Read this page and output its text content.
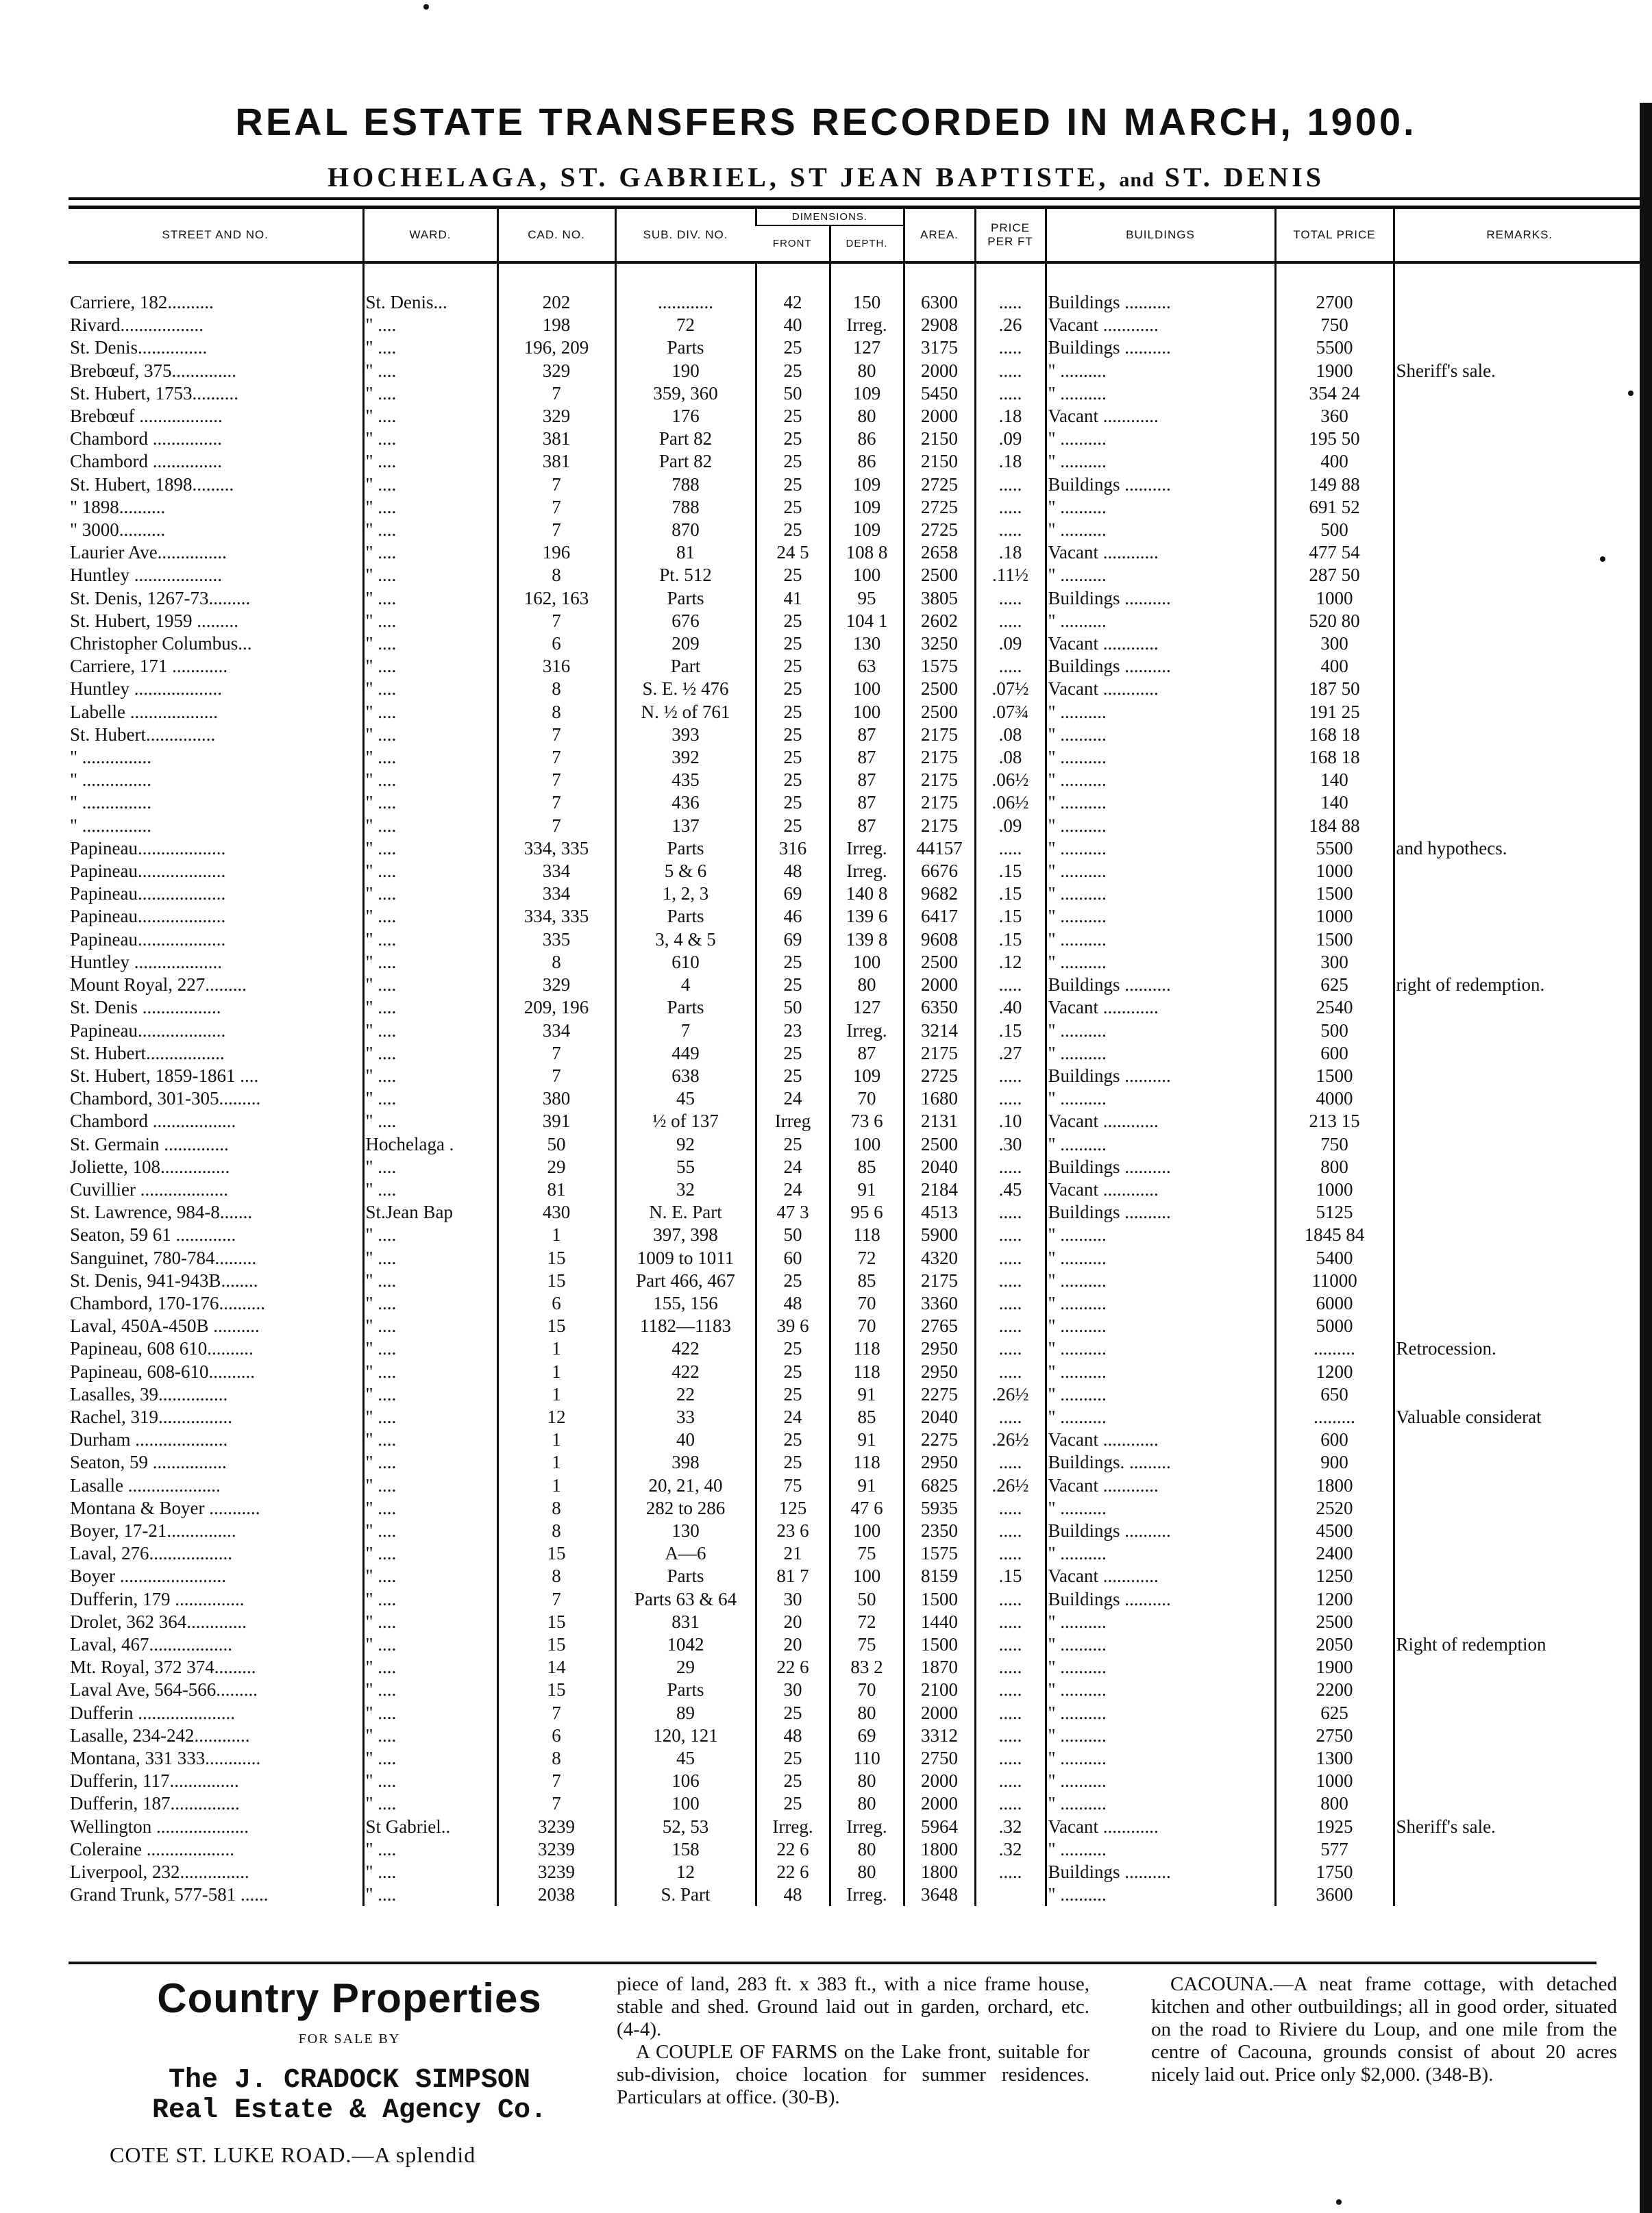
REAL ESTATE TRANSFERS RECORDED IN MARCH, 1900.
HOCHELAGA, ST. GABRIEL, ST JEAN BAPTISTE, and ST. DENIS
STREET AND NO.	WARD.	CAD. NO.	SUB. DIV. NO.	DIMENSIONS.		AREA.	PRICE PER FT	BUILDINGS	TOTAL PRICE	REMARKS.
				FRONT	DEPTH.					

Carriere, 182..........	St. Denis...	202	............	42	150	6300	.....	Buildings ..........	2700	
Rivard..................	" ....	198	72	40	Irreg.	2908	.26	Vacant ............	750	
St. Denis...............	" ....	196, 209	Parts	25	127	3175	.....	Buildings ..........	5500	
Brebœuf, 375..............	" ....	329	190	25	80	2000	.....	" ..........	1900	Sheriff's sale.
St. Hubert, 1753..........	" ....	7	359, 360	50	109	5450	.....	" ..........	354 24	
Brebœuf ..................	" ....	329	176	25	80	2000	.18	Vacant ............	360	
Chambord ...............	" ....	381	Part 82	25	86	2150	.09	" ..........	195 50	
Chambord ...............	" ....	381	Part 82	25	86	2150	.18	" ..........	400	
St. Hubert, 1898.........	" ....	7	788	25	109	2725	.....	Buildings ..........	149 88	
" 1898..........	" ....	7	788	25	109	2725	.....	" ..........	691 52	
" 3000..........	" ....	7	870	25	109	2725	.....	" ..........	500	
Laurier Ave...............	" ....	196	81	24 5	108 8	2658	.18	Vacant ............	477 54	
Huntley ...................	" ....	8	Pt. 512	25	100	2500	.11½	" ..........	287 50	
St. Denis, 1267-73.........	" ....	162, 163	Parts	41	95	3805	.....	Buildings ..........	1000	
St. Hubert, 1959 .........	" ....	7	676	25	104 1	2602	.....	" ..........	520 80	
Christopher Columbus...	" ....	6	209	25	130	3250	.09	Vacant ............	300	
Carriere, 171 ............	" ....	316	Part	25	63	1575	.....	Buildings ..........	400	
Huntley ...................	" ....	8	S. E. ½ 476	25	100	2500	.07½	Vacant ............	187 50	
Labelle ...................	" ....	8	N. ½ of 761	25	100	2500	.07¾	" ..........	191 25	
St. Hubert...............	" ....	7	393	25	87	2175	.08	" ..........	168 18	
" ...............	" ....	7	392	25	87	2175	.08	" ..........	168 18	
" ...............	" ....	7	435	25	87	2175	.06½	" ..........	140	
" ...............	" ....	7	436	25	87	2175	.06½	" ..........	140	
" ...............	" ....	7	137	25	87	2175	.09	" ..........	184 88	
Papineau...................	" ....	334, 335	Parts	316	Irreg.	44157	.....	" ..........	5500	and hypothecs.
Papineau...................	" ....	334	5 & 6	48	Irreg.	6676	.15	" ..........	1000	
Papineau...................	" ....	334	1, 2, 3	69	140 8	9682	.15	" ..........	1500	
Papineau...................	" ....	334, 335	Parts	46	139 6	6417	.15	" ..........	1000	
Papineau...................	" ....	335	3, 4 & 5	69	139 8	9608	.15	" ..........	1500	
Huntley ...................	" ....	8	610	25	100	2500	.12	" ..........	300	
Mount Royal, 227.........	" ....	329	4	25	80	2000	.....	Buildings ..........	625	right of redemption.
St. Denis .................	" ....	209, 196	Parts	50	127	6350	.40	Vacant ............	2540	
Papineau...................	" ....	334	7	23	Irreg.	3214	.15	" ..........	500	
St. Hubert.................	" ....	7	449	25	87	2175	.27	" ..........	600	
St. Hubert, 1859-1861 ....	" ....	7	638	25	109	2725	.....	Buildings ..........	1500	
Chambord, 301-305.........	" ....	380	45	24	70	1680	.....	" ..........	4000	
Chambord ..................	" ....	391	½ of 137	Irreg	73 6	2131	.10	Vacant ............	213 15	
St. Germain ..............	Hochelaga .	50	92	25	100	2500	.30	" ..........	750	
Joliette, 108...............	" ....	29	55	24	85	2040	.....	Buildings ..........	800	
Cuvillier ...................	" ....	81	32	24	91	2184	.45	Vacant ............	1000	
St. Lawrence, 984-8.......	St.Jean Bap	430	N. E. Part	47 3	95 6	4513	.....	Buildings ..........	5125	
Seaton, 59 61 .............	" ....	1	397, 398	50	118	5900	.....	" ..........	1845 84	
Sanguinet, 780-784.........	" ....	15	1009 to 1011	60	72	4320	.....	" ..........	5400	
St. Denis, 941-943B........	" ....	15	Part 466, 467	25	85	2175	.....	" ..........	11000	
Chambord, 170-176..........	" ....	6	155, 156	48	70	3360	.....	" ..........	6000	
Laval, 450A-450B ..........	" ....	15	1182—1183	39 6	70	2765	.....	" ..........	5000	
Papineau, 608 610..........	" ....	1	422	25	118	2950	.....	" ..........	.........	Retrocession.
Papineau, 608-610..........	" ....	1	422	25	118	2950	.....	" ..........	1200	
Lasalles, 39...............	" ....	1	22	25	91	2275	.26½	" ..........	650	
Rachel, 319................	" ....	12	33	24	85	2040	.....	" ..........	.........	Valuable considerat
Durham ....................	" ....	1	40	25	91	2275	.26½	Vacant ............	600	
Seaton, 59 ................	" ....	1	398	25	118	2950	.....	Buildings. .........	900	
Lasalle ....................	" ....	1	20, 21, 40	75	91	6825	.26½	Vacant ............	1800	
Montana & Boyer ...........	" ....	8	282 to 286	125	47 6	5935	.....	" ..........	2520	
Boyer, 17-21...............	" ....	8	130	23 6	100	2350	.....	Buildings ..........	4500	
Laval, 276..................	" ....	15	A—6	21	75	1575	.....	" ..........	2400	
Boyer .......................	" ....	8	Parts	81 7	100	8159	.15	Vacant ............	1250	
Dufferin, 179 ...............	" ....	7	Parts 63 & 64	30	50	1500	.....	Buildings ..........	1200	
Drolet, 362 364.............	" ....	15	831	20	72	1440	.....	" ..........	2500	
Laval, 467..................	" ....	15	1042	20	75	1500	.....	" ..........	2050	Right of redemption
Mt. Royal, 372 374.........	" ....	14	29	22 6	83 2	1870	.....	" ..........	1900	
Laval Ave, 564-566.........	" ....	15	Parts	30	70	2100	.....	" ..........	2200	
Dufferin .....................	" ....	7	89	25	80	2000	.....	" ..........	625	
Lasalle, 234-242............	" ....	6	120, 121	48	69	3312	.....	" ..........	2750	
Montana, 331 333............	" ....	8	45	25	110	2750	.....	" ..........	1300	
Dufferin, 117...............	" ....	7	106	25	80	2000	.....	" ..........	1000	
Dufferin, 187...............	" ....	7	100	25	80	2000	.....	" ..........	800	
Wellington ....................	St Gabriel..	3239	52, 53	Irreg.	Irreg.	5964	.32	Vacant ............	1925	Sheriff's sale.
Coleraine ...................	" ....	3239	158	22 6	80	1800	.32	" ..........	577	
Liverpool, 232...............	" ....	3239	12	22 6	80	1800	.....	Buildings ..........	1750	
Grand Trunk, 577-581 ......	" ....	2038	S. Part	48	Irreg.	3648		" ..........	3600	
Country Properties
FOR SALE BY
The J. CRADOCK SIMPSON
Real Estate & Agency Co.
COTE ST. LUKE ROAD.—A splendid
piece of land, 283 ft. x 383 ft., with a nice frame house, stable and shed. Ground laid out in garden, orchard, etc. (4-4).
A COUPLE OF FARMS on the Lake front, suitable for sub-division, choice location for summer residences. Particulars at office. (30-B).
CACOUNA.—A neat frame cottage, with detached kitchen and other outbuildings; all in good order, situated on the road to Riviere du Loup, and one mile from the centre of Cacouna, grounds consist of about 20 acres nicely laid out. Price only $2,000. (348-B).
